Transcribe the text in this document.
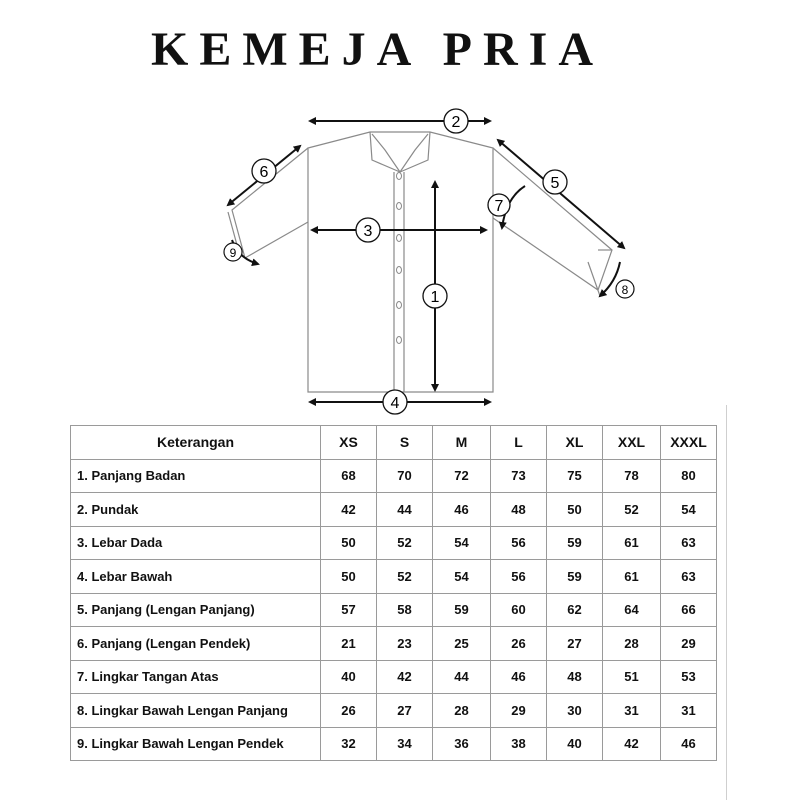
KEMEJA PRIA
1
2
3
4
5
6
7
8
9
Keterangan	XS	S	M	L	XL	XXL	XXXL
1. Panjang Badan	68	70	72	73	75	78	80
2. Pundak	42	44	46	48	50	52	54
3. Lebar Dada	50	52	54	56	59	61	63
4. Lebar Bawah	50	52	54	56	59	61	63
5. Panjang (Lengan Panjang)	57	58	59	60	62	64	66
6. Panjang (Lengan Pendek)	21	23	25	26	27	28	29
7. Lingkar Tangan Atas	40	42	44	46	48	51	53
8. Lingkar Bawah Lengan Panjang	26	27	28	29	30	31	31
9. Lingkar Bawah Lengan Pendek	32	34	36	38	40	42	46
